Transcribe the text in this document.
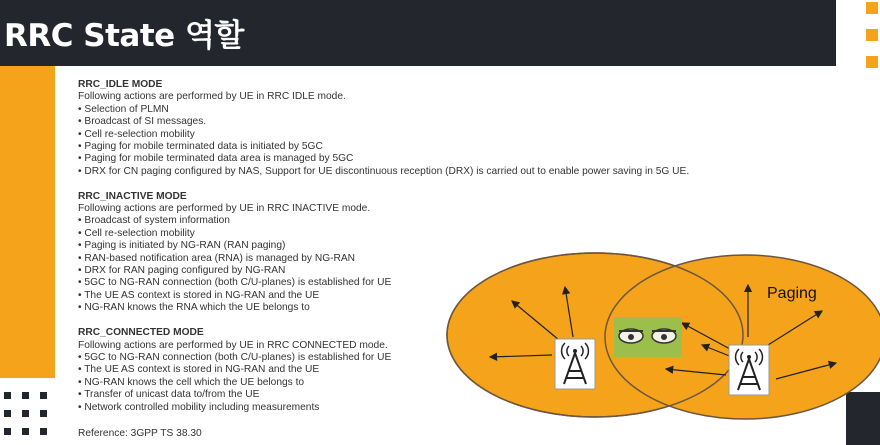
RRC State 역할
RRC_IDLE MODE
Following actions are performed by UE in RRC IDLE mode.
• Selection of PLMN
• Broadcast of SI messages.
• Cell re-selection mobility
• Paging for mobile terminated data is initiated by 5GC
• Paging for mobile terminated data area is managed by 5GC
• DRX for CN paging configured by NAS, Support for UE discontinuous reception (DRX) is carried out to enable power saving in 5G UE.
RRC_INACTIVE MODE
Following actions are performed by UE in RRC INACTIVE mode.
• Broadcast of system information
• Cell re-selection mobility
• Paging is initiated by NG-RAN (RAN paging)
• RAN-based notification area (RNA) is managed by NG-RAN
• DRX for RAN paging configured by NG-RAN
• 5GC to NG-RAN connection (both C/U-planes) is established for UE
• The UE AS context is stored in NG-RAN and the UE
• NG-RAN knows the RNA which the UE belongs to
RRC_CONNECTED MODE
Following actions are performed by UE in RRC CONNECTED mode.
• 5GC to NG-RAN connection (both C/U-planes) is established for UE
• The UE AS context is stored in NG-RAN and the UE
• NG-RAN knows the cell which the UE belongs to
• Transfer of unicast data to/from the UE
• Network controlled mobility including measurements
Reference: 3GPP TS 38.30
Paging
